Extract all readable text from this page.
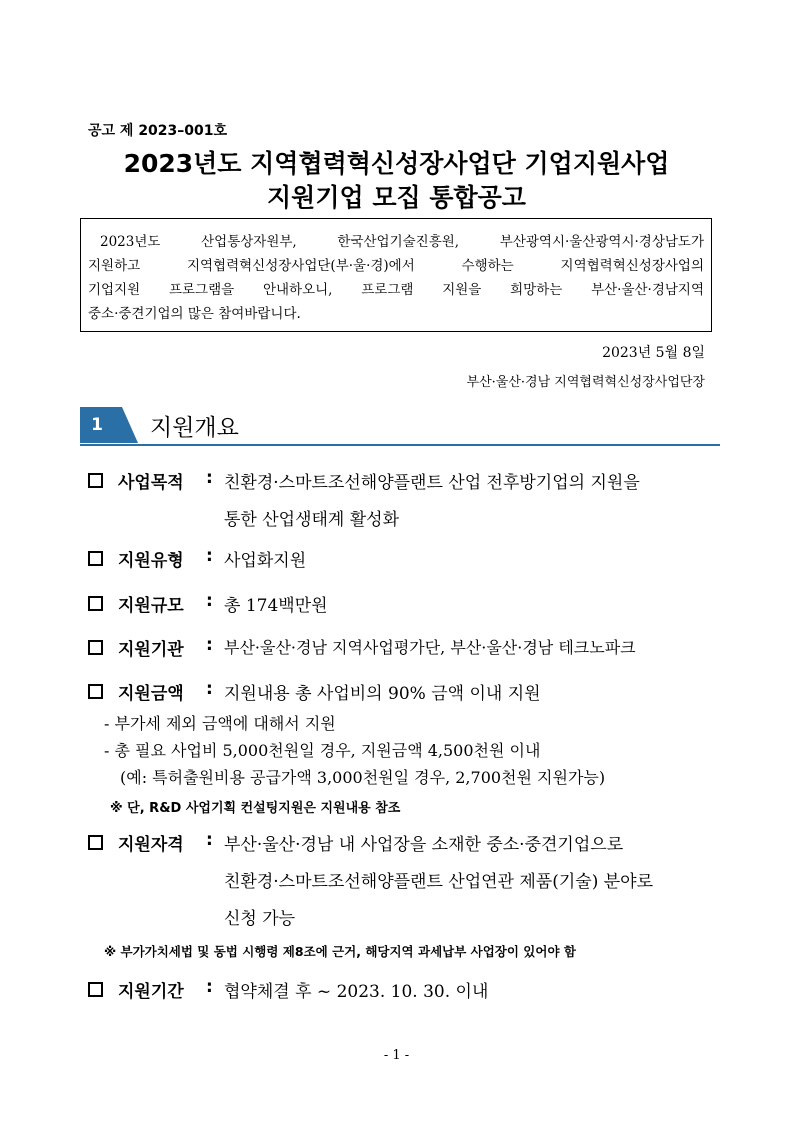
공고 제 2023–001호
2023년도 지역협력혁신성장사업단 기업지원사업
지원기업 모집 통합공고
2023년도 산업통상자원부, 한국산업기술진흥원, 부산광역시·울산광역시·경상남도가
지원하고 지역협력혁신성장사업단(부·울·경)에서 수행하는 지역협력혁신성장사업의
기업지원 프로그램을 안내하오니, 프로그램 지원을 희망하는 부산·울산·경남지역
중소·중견기업의 많은 참여바랍니다.
2023년 5월 8일
부산·울산·경남 지역협력혁신성장사업단장
1	지원개요
사업목적 : 친환경·스마트조선해양플랜트 산업 전후방기업의 지원을
통한 산업생태계 활성화
지원유형 : 사업화지원
지원규모 : 총 174백만원
지원기관 : 부산·울산·경남 지역사업평가단, 부산·울산·경남 테크노파크
지원금액 : 지원내용 총 사업비의 90% 금액 이내 지원
- 부가세 제외 금액에 대해서 지원
- 총 필요 사업비 5,000천원일 경우, 지원금액 4,500천원 이내
(예: 특허출원비용 공급가액 3,000천원일 경우, 2,700천원 지원가능)
※ 단, R&D 사업기획 컨설팅지원은 지원내용 참조
지원자격 : 부산·울산·경남 내 사업장을 소재한 중소·중견기업으로
친환경·스마트조선해양플랜트 산업연관 제품(기술) 분야로
신청 가능
※ 부가가치세법 및 동법 시행령 제8조에 근거, 해당지역 과세납부 사업장이 있어야 함
지원기간 : 협약체결 후 ~ 2023. 10. 30. 이내
- 1 -
